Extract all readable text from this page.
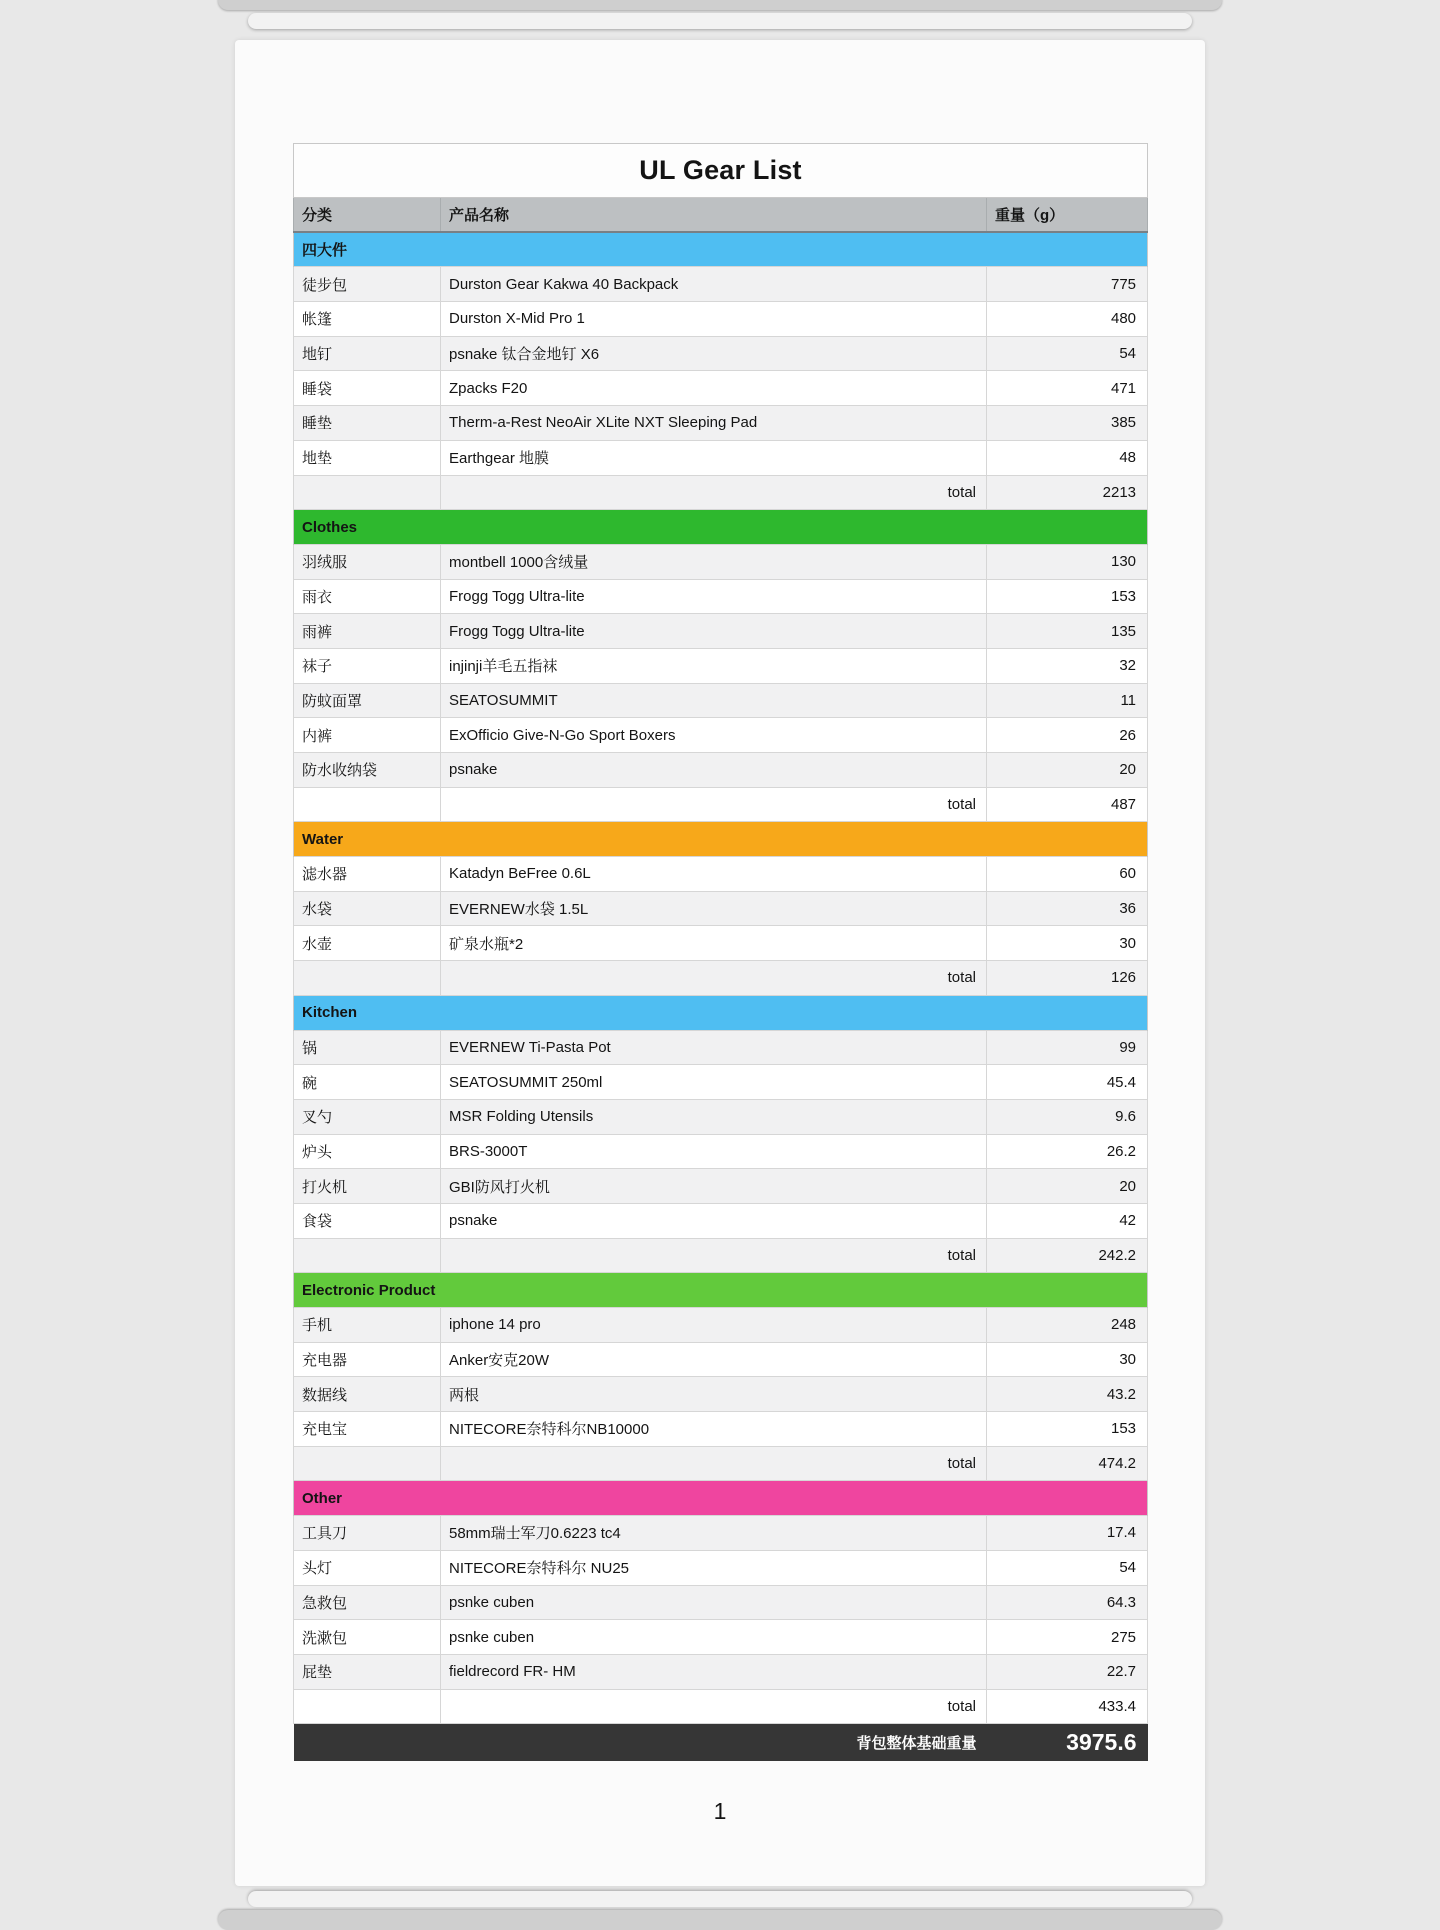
UL Gear List		
分类	产品名称	重量（g）
四大件		
徒步包	Durston Gear Kakwa 40 Backpack	775
帐篷	Durston X-Mid Pro 1	480
地钉	psnake 钛合金地钉 X6	54
睡袋	Zpacks F20	471
睡垫	Therm-a-Rest NeoAir XLite NXT Sleeping Pad	385
地垫	Earthgear 地膜	48
	total	2213
Clothes		
羽绒服	montbell 1000含绒量	130
雨衣	Frogg Togg Ultra-lite	153
雨裤	Frogg Togg Ultra-lite	135
袜子	injinji羊毛五指袜	32
防蚊面罩	SEATOSUMMIT	11
内裤	ExOfficio Give-N-Go Sport Boxers	26
防水收纳袋	psnake	20
	total	487
Water		
滤水器	Katadyn BeFree 0.6L	60
水袋	EVERNEW水袋 1.5L	36
水壶	矿泉水瓶*2	30
	total	126
Kitchen		
锅	EVERNEW Ti-Pasta Pot	99
碗	SEATOSUMMIT 250ml	45.4
叉勺	MSR Folding Utensils	9.6
炉头	BRS-3000T	26.2
打火机	GBI防风打火机	20
食袋	psnake	42
	total	242.2
Electronic Product		
手机	iphone 14 pro	248
充电器	Anker安克20W	30
数据线	两根	43.2
充电宝	NITECORE奈特科尔NB10000	153
	total	474.2
Other		
工具刀	58mm瑞士军刀0.6223 tc4	17.4
头灯	NITECORE奈特科尔 NU25	54
急救包	psnke cuben	64.3
洗漱包	psnke cuben	275
屁垫	fieldrecord FR- HM	22.7
	total	433.4
背包整体基础重量		3975.6
1
